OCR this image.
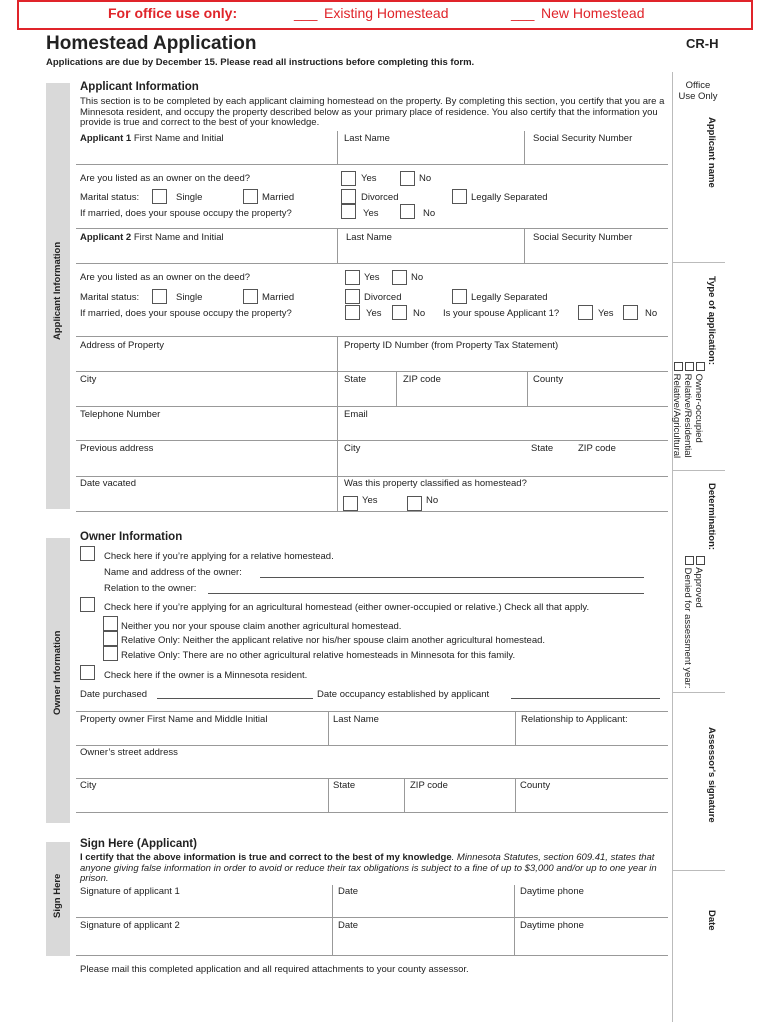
For office use only:	___ Existing Homestead	___ New Homestead
Homestead Application	CR-H
Applications are due by December 15. Please read all instructions before completing this form.
Applicant Information
Owner Information
Sign Here
Office Use Only
Applicant name
Type of application:
Owner-occupied
Relative/Residential
Relative/Agricultural
Determination:
Approved
Denied for assessment year:
Assessor's signature
Date
Applicant Information
This section is to be completed by each applicant claiming homestead on the property. By completing this section, you certify that you are a Minnesota resident, and occupy the property described below as your primary place of residence. You also certify that the information you provide is true and correct to the best of your knowledge.
Applicant 1 First Name and Initial	Last Name	Social Security Number
Are you listed as an owner on the deed?	Yes	No
Marital status:	Single	Married	Divorced	Legally Separated
If married, does your spouse occupy the property?	Yes	No
Applicant 2 First Name and Initial	Last Name	Social Security Number
Are you listed as an owner on the deed?	Yes	No
Marital status:	Single	Married	Divorced	Legally Separated
If married, does your spouse occupy the property?	Yes	No Is your spouse Applicant 1?	Yes	No
Address of Property	Property ID Number (from Property Tax Statement)
City	State	ZIP code	County
Telephone Number	Email
Previous address	City	State	ZIP code
Date vacated	Was this property classified as homestead?
Yes	No
Owner Information
Check here if you’re applying for a relative homestead.
Name and address of the owner:
Relation to the owner:
Check here if you’re applying for an agricultural homestead (either owner-occupied or relative.) Check all that apply.
Neither you nor your spouse claim another agricultural homestead.
Relative Only: Neither the applicant relative nor his/her spouse claim another agricultural homestead.
Relative Only: There are no other agricultural relative homesteads in Minnesota for this family.
Check here if the owner is a Minnesota resident.
Date purchased	Date occupancy established by applicant
Property owner First Name and Middle Initial	Last Name	Relationship to Applicant:
Owner’s street address
City	State	ZIP code	County
Sign Here (Applicant)
I certify that the above information is true and correct to the best of my knowledge. Minnesota Statutes, section 609.41, states that anyone giving false information in order to avoid or reduce their tax obligations is subject to a fine of up to $3,000 and/or up to one year in prison.
Signature of applicant 1	Date	Daytime phone
Signature of applicant 2	Date	Daytime phone
Please mail this completed application and all required attachments to your county assessor.
